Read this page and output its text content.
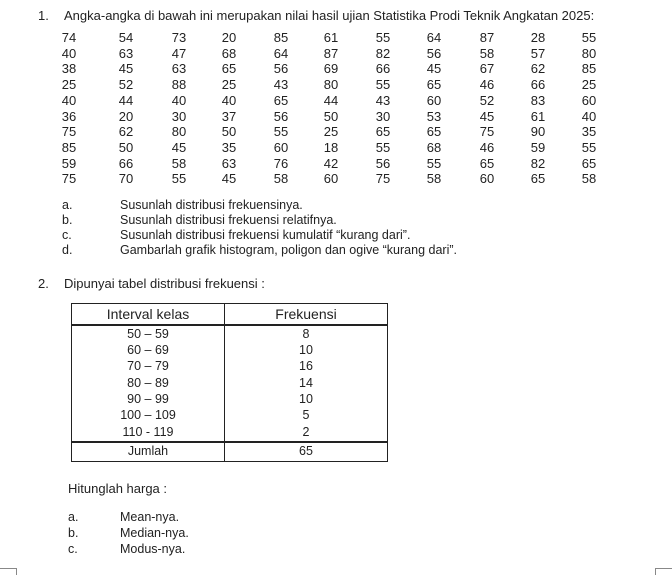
1. Angka-angka di bawah ini merupakan nilai hasil ujian Statistika Prodi Teknik Angkatan 2025:
74	54	73	20	85	61	55	64	87	28	55
40	63	47	68	64	87	82	56	58	57	80
38	45	63	65	56	69	66	45	67	62	85
25	52	88	25	43	80	55	65	46	66	25
40	44	40	40	65	44	43	60	52	83	60
36	20	30	37	56	50	30	53	45	61	40
75	62	80	50	55	25	65	65	75	90	35
85	50	45	35	60	18	55	68	46	59	55
59	66	58	63	76	42	56	55	65	82	65
75	70	55	45	58	60	75	58	60	65	58
a.	Susunlah distribusi frekuensinya.
b.	Susunlah distribusi frekuensi relatifnya.
c.	Susunlah distribusi frekuensi kumulatif “kurang dari”.
d.	Gambarlah grafik histogram, poligon dan ogive “kurang dari”.
2. Dipunyai tabel distribusi frekuensi :
Interval kelas	Frekuensi
50 – 59	8
60 – 69	10
70 – 79	16
80 – 89	14
90 – 99	10
100 – 109	5
110 - 119	2
Jumlah	65
Hitunglah harga :
a.	Mean-nya.
b.	Median-nya.
c.	Modus-nya.
